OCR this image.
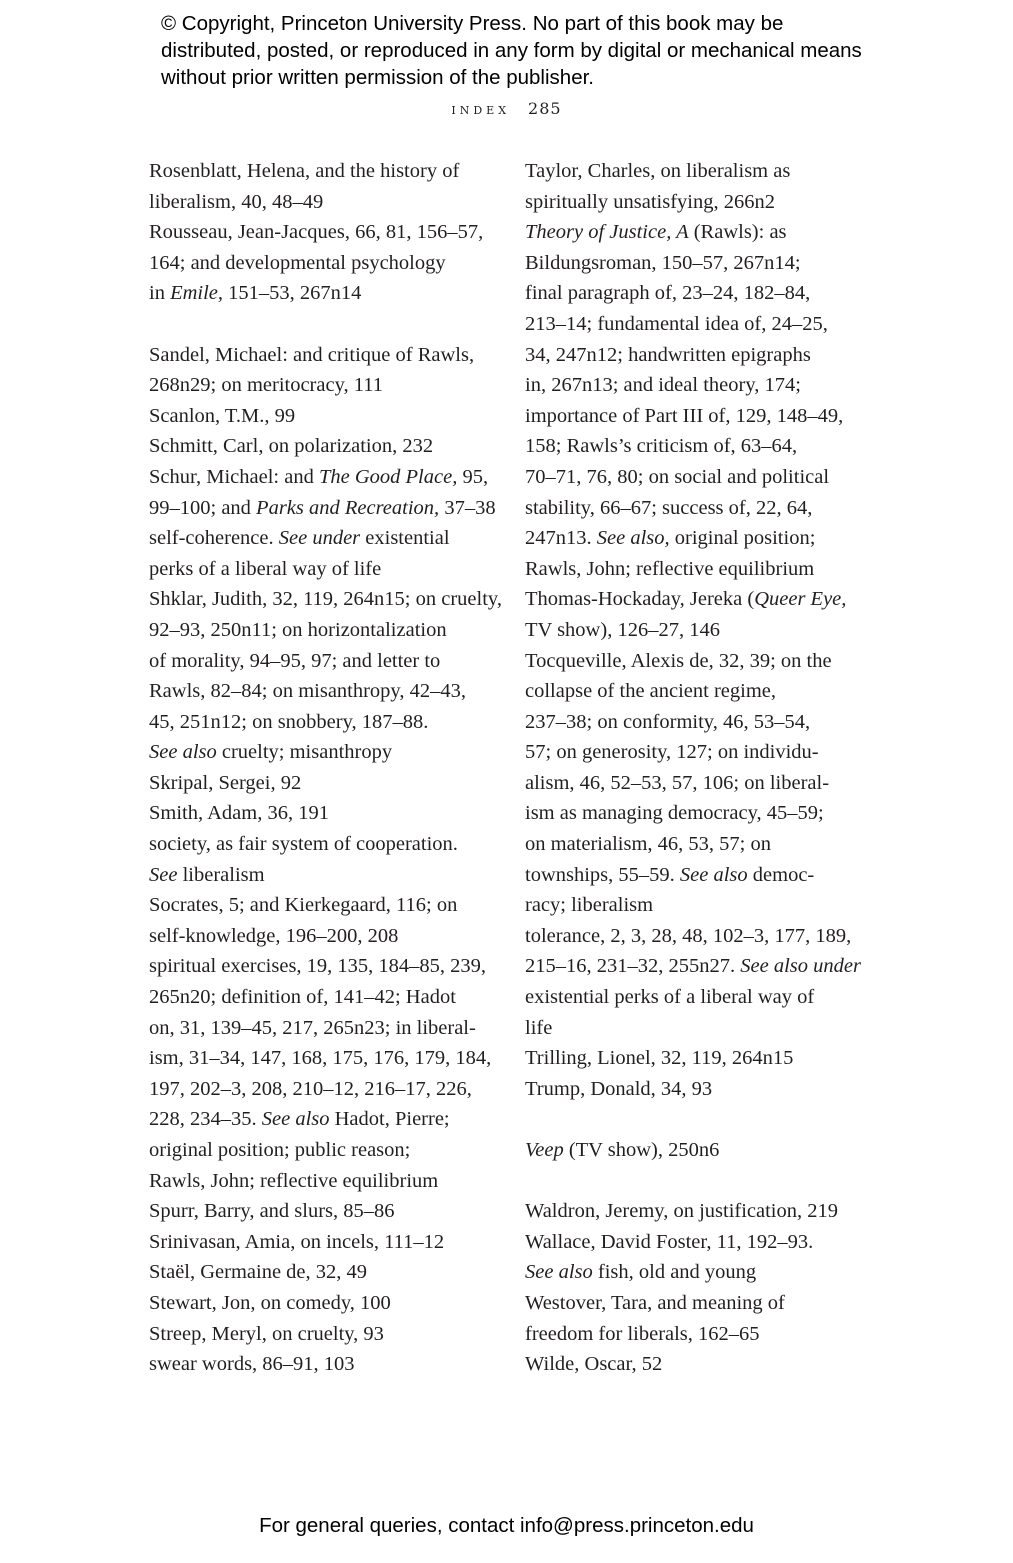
© Copyright, Princeton University Press. No part of this book may be distributed, posted, or reproduced in any form by digital or mechanical means without prior written permission of the publisher.
index 285

Rosenblatt, Helena, and the history of
liberalism, 40, 48–49

Rousseau, Jean-Jacques, 66, 81, 156–57,
164; and developmental psychology
in Emile, 151–53, 267n14

Sandel, Michael: and critique of Rawls,
268n29; on meritocracy, 111

Scanlon, T.M., 99

Schmitt, Carl, on polarization, 232

Schur, Michael: and The Good Place, 95,
99–100; and Parks and Recreation, 37–38

self-coherence. See under existential
perks of a liberal way of life

Shklar, Judith, 32, 119, 264n15; on cruelty,
92–93, 250n11; on horizontalization
of morality, 94–95, 97; and letter to
Rawls, 82–84; on misanthropy, 42–43,
45, 251n12; on snobbery, 187–88.
See also cruelty; misanthropy

Skripal, Sergei, 92

Smith, Adam, 36, 191

society, as fair system of cooperation.
See liberalism

Socrates, 5; and Kierkegaard, 116; on
self-knowledge, 196–200, 208

spiritual exercises, 19, 135, 184–85, 239,
265n20; definition of, 141–42; Hadot
on, 31, 139–45, 217, 265n23; in liberal-
ism, 31–34, 147, 168, 175, 176, 179, 184,
197, 202–3, 208, 210–12, 216–17, 226,
228, 234–35. See also Hadot, Pierre;
original position; public reason;
Rawls, John; reflective equilibrium

Spurr, Barry, and slurs, 85–86

Srinivasan, Amia, on incels, 111–12

Staël, Germaine de, 32, 49

Stewart, Jon, on comedy, 100

Streep, Meryl, on cruelty, 93

swear words, 86–91, 103

Taylor, Charles, on liberalism as
spiritually unsatisfying, 266n2

Theory of Justice, A (Rawls): as
Bildungsroman, 150–57, 267n14;
final paragraph of, 23–24, 182–84,
213–14; fundamental idea of, 24–25,
34, 247n12; handwritten epigraphs
in, 267n13; and ideal theory, 174;
importance of Part III of, 129, 148–49,
158; Rawls’s criticism of, 63–64,
70–71, 76, 80; on social and political
stability, 66–67; success of, 22, 64,
247n13. See also, original position;
Rawls, John; reflective equilibrium

Thomas-Hockaday, Jereka (Queer Eye,
TV show), 126–27, 146

Tocqueville, Alexis de, 32, 39; on the
collapse of the ancient regime,
237–38; on conformity, 46, 53–54,
57; on generosity, 127; on individu-
alism, 46, 52–53, 57, 106; on liberal-
ism as managing democracy, 45–59;
on materialism, 46, 53, 57; on
townships, 55–59. See also democ-
racy; liberalism

tolerance, 2, 3, 28, 48, 102–3, 177, 189,
215–16, 231–32, 255n27. See also under
existential perks of a liberal way of
life

Trilling, Lionel, 32, 119, 264n15

Trump, Donald, 34, 93

Veep (TV show), 250n6

Waldron, Jeremy, on justification, 219

Wallace, David Foster, 11, 192–93.
See also fish, old and young

Westover, Tara, and meaning of
freedom for liberals, 162–65

Wilde, Oscar, 52

For general queries, contact info@press.princeton.edu
